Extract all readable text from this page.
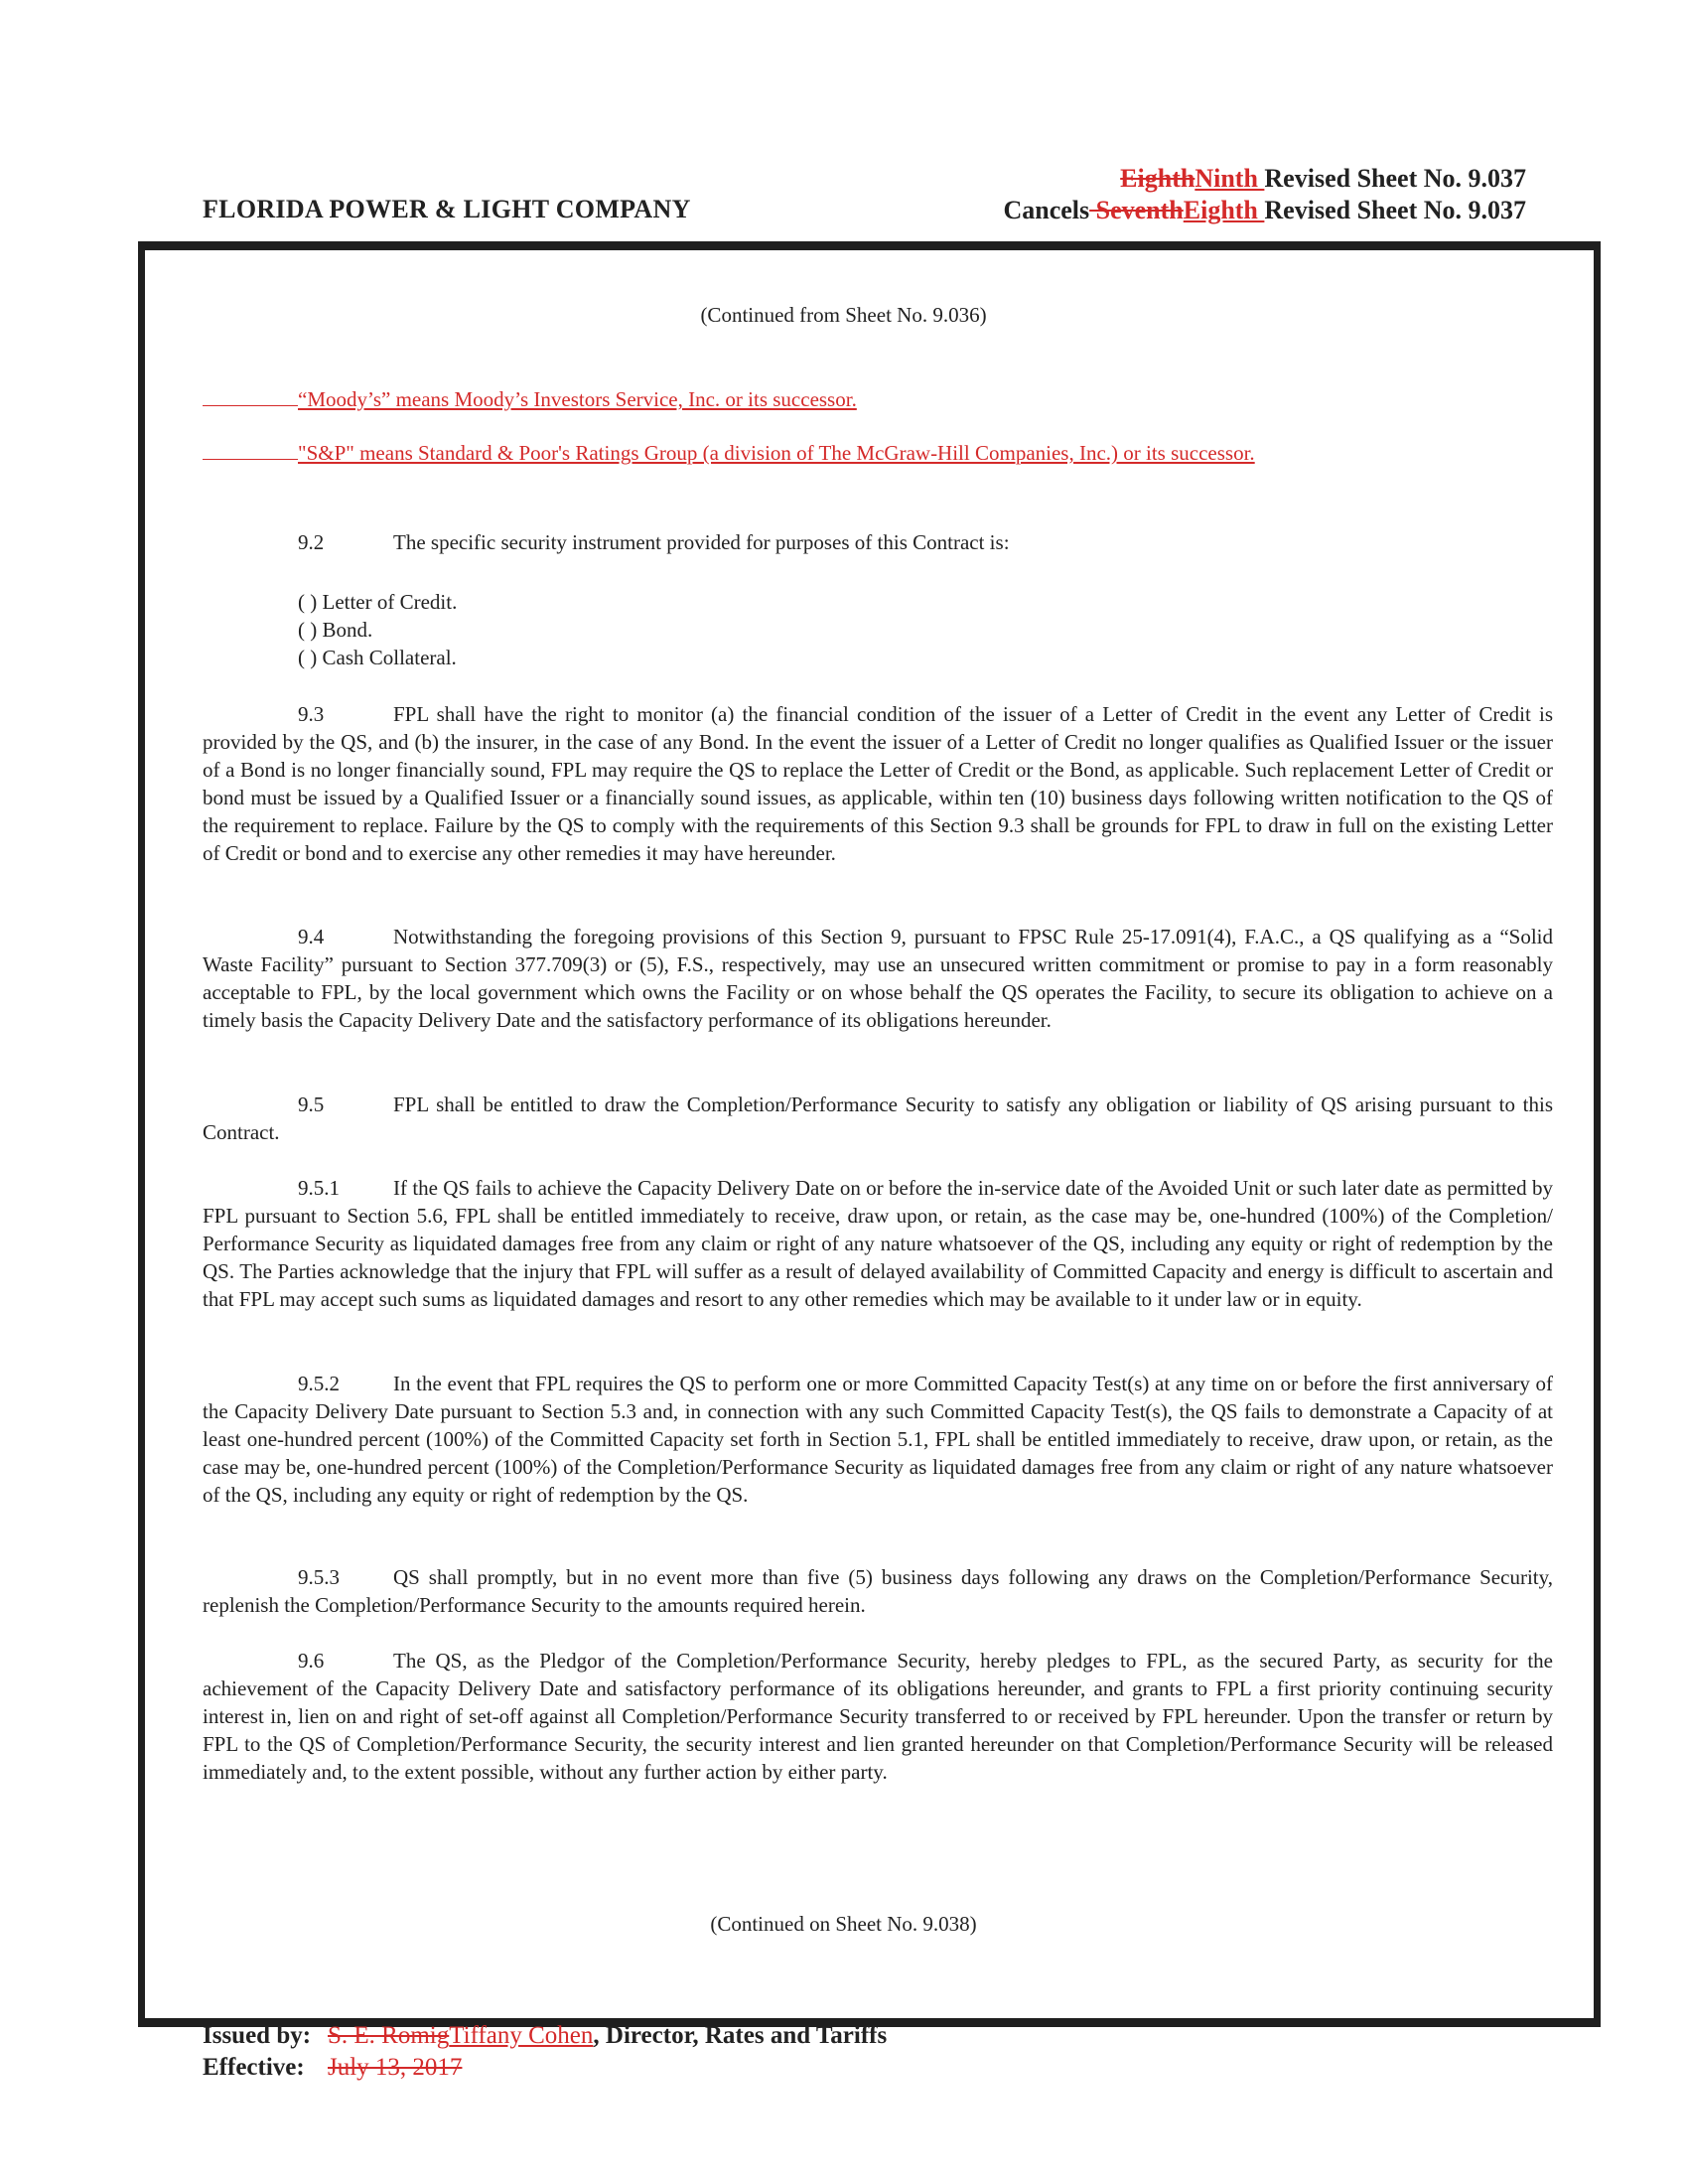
FLORIDA POWER & LIGHT COMPANY
EighthNinth Revised Sheet No. 9.037
Cancels SeventhEighth Revised Sheet No. 9.037
(Continued from Sheet No. 9.036)
“Moody’s” means Moody’s Investors Service, Inc. or its successor.
"S&P" means Standard & Poor's Ratings Group (a division of The McGraw-Hill Companies, Inc.) or its successor.
9.2	The specific security instrument provided for purposes of this Contract is:
( ) Letter of Credit.
( ) Bond.
( ) Cash Collateral.
9.3	FPL shall have the right to monitor (a) the financial condition of the issuer of a Letter of Credit in the event any Letter of Credit is provided by the QS, and (b) the insurer, in the case of any Bond. In the event the issuer of a Letter of Credit no longer qualifies as Qualified Issuer or the issuer of a Bond is no longer financially sound, FPL may require the QS to replace the Letter of Credit or the Bond, as applicable. Such replacement Letter of Credit or bond must be issued by a Qualified Issuer or a financially sound issues, as applicable, within ten (10) business days following written notification to the QS of the requirement to replace. Failure by the QS to comply with the requirements of this Section 9.3 shall be grounds for FPL to draw in full on the existing Letter of Credit or bond and to exercise any other remedies it may have hereunder.
9.4	Notwithstanding the foregoing provisions of this Section 9, pursuant to FPSC Rule 25-17.091(4), F.A.C., a QS qualifying as a “Solid Waste Facility” pursuant to Section 377.709(3) or (5), F.S., respectively, may use an unsecured written commitment or promise to pay in a form reasonably acceptable to FPL, by the local government which owns the Facility or on whose behalf the QS operates the Facility, to secure its obligation to achieve on a timely basis the Capacity Delivery Date and the satisfactory performance of its obligations hereunder.
9.5	FPL shall be entitled to draw the Completion/Performance Security to satisfy any obligation or liability of QS arising pursuant to this Contract.
9.5.1	If the QS fails to achieve the Capacity Delivery Date on or before the in-service date of the Avoided Unit or such later date as permitted by FPL pursuant to Section 5.6, FPL shall be entitled immediately to receive, draw upon, or retain, as the case may be, one-hundred (100%) of the Completion/ Performance Security as liquidated damages free from any claim or right of any nature whatsoever of the QS, including any equity or right of redemption by the QS. The Parties acknowledge that the injury that FPL will suffer as a result of delayed availability of Committed Capacity and energy is difficult to ascertain and that FPL may accept such sums as liquidated damages and resort to any other remedies which may be available to it under law or in equity.
9.5.2	In the event that FPL requires the QS to perform one or more Committed Capacity Test(s) at any time on or before the first anniversary of the Capacity Delivery Date pursuant to Section 5.3 and, in connection with any such Committed Capacity Test(s), the QS fails to demonstrate a Capacity of at least one-hundred percent (100%) of the Committed Capacity set forth in Section 5.1, FPL shall be entitled immediately to receive, draw upon, or retain, as the case may be, one-hundred percent (100%) of the Completion/Performance Security as liquidated damages free from any claim or right of any nature whatsoever of the QS, including any equity or right of redemption by the QS.
9.5.3	QS shall promptly, but in no event more than five (5) business days following any draws on the Completion/Performance Security, replenish the Completion/Performance Security to the amounts required herein.
9.6	The QS, as the Pledgor of the Completion/Performance Security, hereby pledges to FPL, as the secured Party, as security for the achievement of the Capacity Delivery Date and satisfactory performance of its obligations hereunder, and grants to FPL a first priority continuing security interest in, lien on and right of set-off against all Completion/Performance Security transferred to or received by FPL hereunder. Upon the transfer or return by FPL to the QS of Completion/Performance Security, the security interest and lien granted hereunder on that Completion/Performance Security will be released immediately and, to the extent possible, without any further action by either party.
(Continued on Sheet No. 9.038)
Issued by: S. E. RomigTiffany Cohen, Director, Rates and Tariffs
Effective: July 13, 2017
